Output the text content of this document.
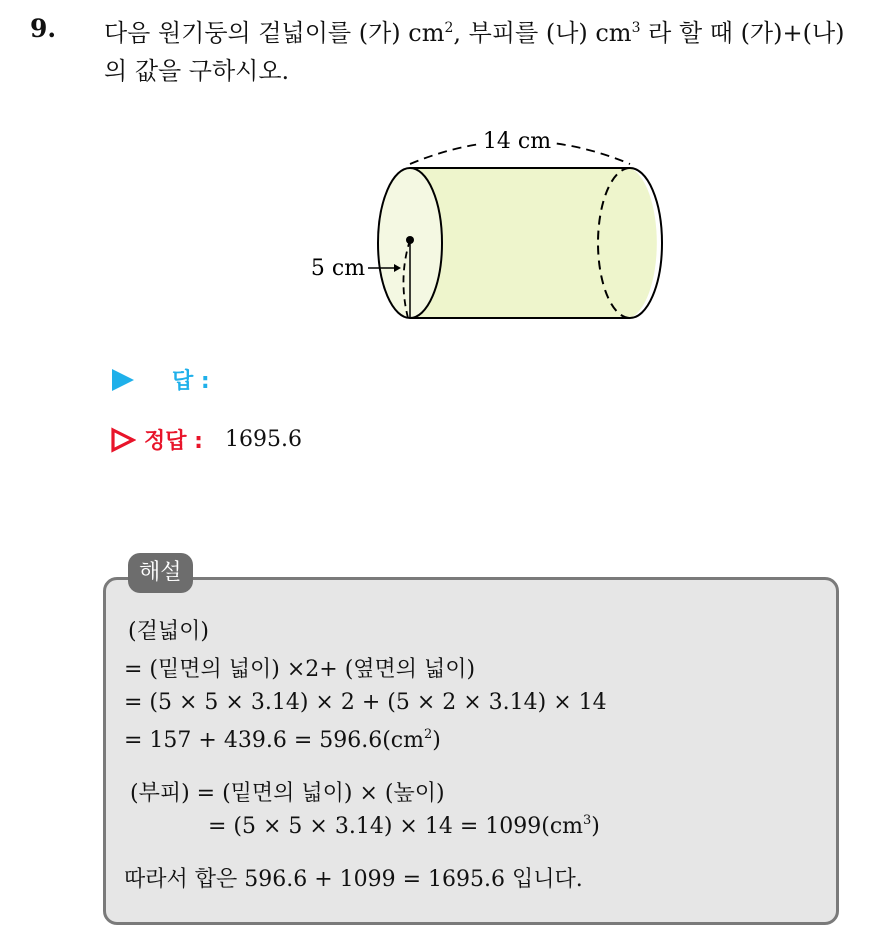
9. 다음 원기둥의 겉넓이를 (가) $cm^2$, 부피를 (나) $cm^3$ 라 할 때 (가)+(나)
의 값을 구하시오.
14 cm
5 cm
답 :
정답 : 1695.6
해설
(겉넓이)
= (밑면의 넓이) ×2+ (옆면의 넓이)
= (5 × 5 × 3.14) × 2 + (5 × 2 × 3.14) × 14
= $157 + 439.6 = 596.6(cm^2)$
(부피) = (밑면의 넓이) × (높이)
= $(5 \times 5 \times 3.14) \times 14 = 1099(cm^3)$
따라서 합은 596.6 + 1099 = 1695.6 입니다.
